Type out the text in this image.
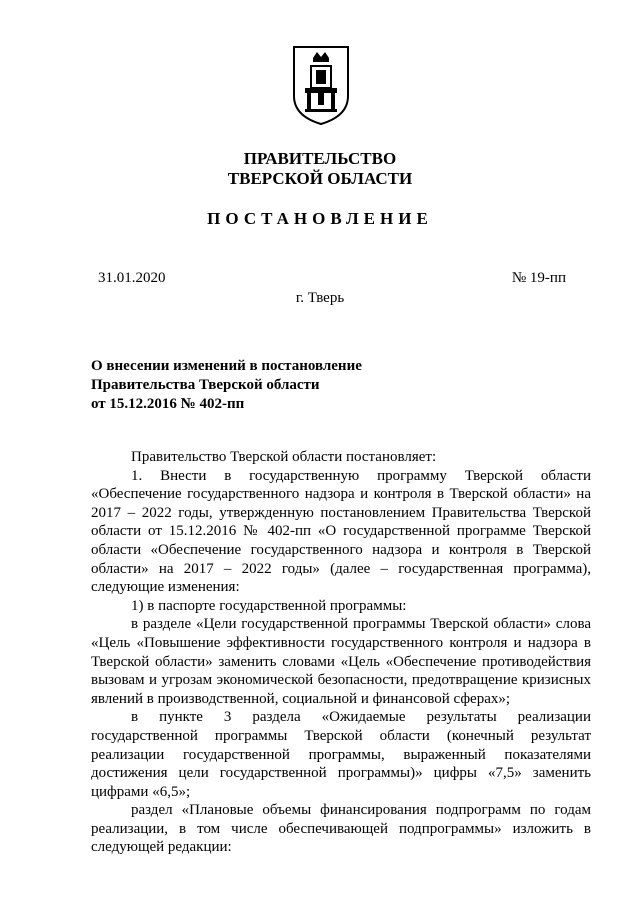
ПРАВИТЕЛЬСТВО
ТВЕРСКОЙ ОБЛАСТИ
ПОСТАНОВЛЕНИЕ
31.01.2020	№ 19-пп
г. Тверь
О внесении изменений в постановление
Правительства Тверской области
от 15.12.2016 № 402-пп

Правительство Тверской области постановляет:

1. Внести в государственную программу Тверской области «Обеспечение государственного надзора и контроля в Тверской области» на 2017 – 2022 годы, утвержденную постановлением Правительства Тверской области от 15.12.2016 № 402-пп «О государственной программе Тверской области «Обеспечение государственного надзора и контроля в Тверской области» на 2017 – 2022 годы» (далее – государственная программа), следующие изменения:

1) в паспорте государственной программы:

в разделе «Цели государственной программы Тверской области» слова «Цель «Повышение эффективности государственного контроля и надзора в Тверской области» заменить словами «Цель «Обеспечение противодействия вызовам и угрозам экономической безопасности, предотвращение кризисных явлений в производственной, социальной и финансовой сферах»;

в пункте 3 раздела «Ожидаемые результаты реализации государственной программы Тверской области (конечный результат реализации государственной программы, выраженный показателями достижения цели государственной программы)» цифры «7,5» заменить цифрами «6,5»;

раздел «Плановые объемы финансирования подпрограмм по годам реализации, в том числе обеспечивающей подпрограммы» изложить в следующей редакции:
